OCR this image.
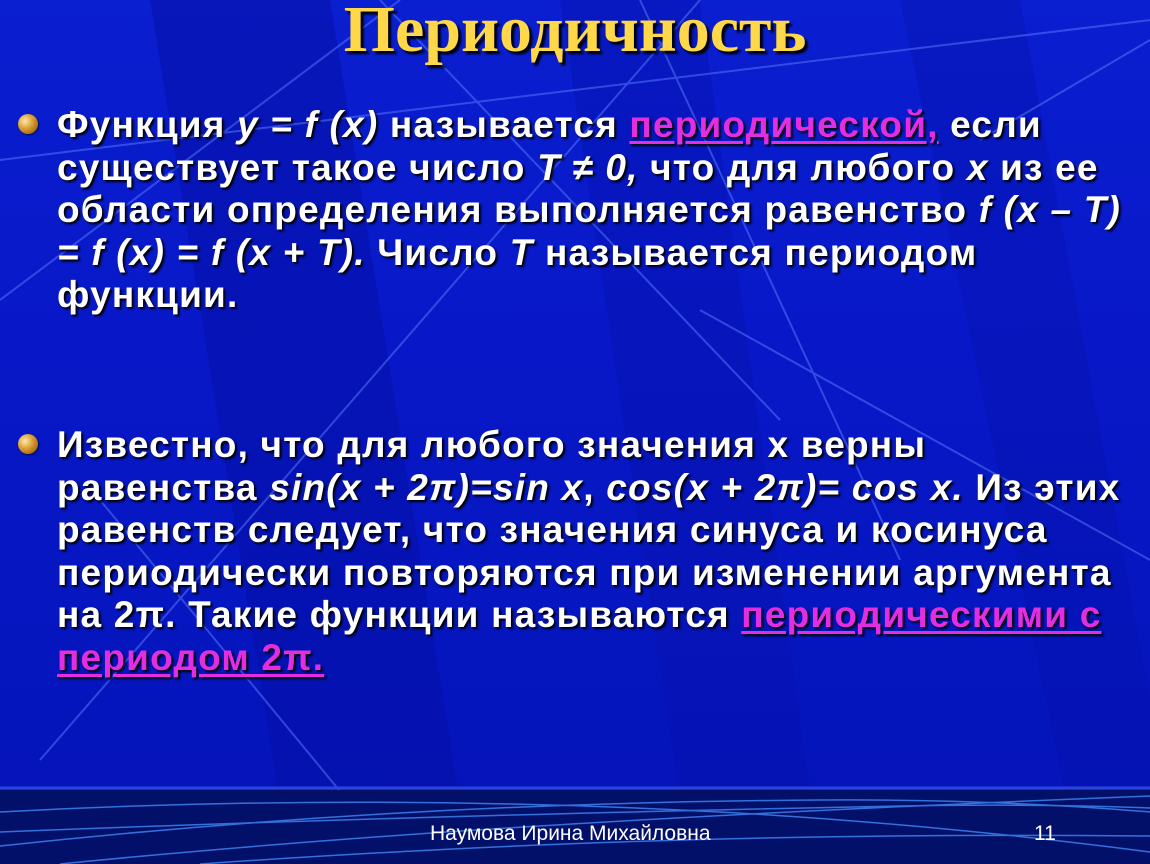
Периодичность
Функция y = f (x) называется периодической, если существует такое число T ≠ 0, что для любого x из ее области определения выполняется равенство f (x – T) = f (x) = f (x + T). Число T называется периодом функции.
Известно, что для любого значения х верны равенства sin(x + 2π)=sin x, cos(x + 2π)= cos x. Из этих равенств следует, что значения синуса и косинуса периодически повторяются при изменении аргумента на 2π. Такие функции называются периодическими с периодом 2π.
Наумова Ирина Михайловна	11
